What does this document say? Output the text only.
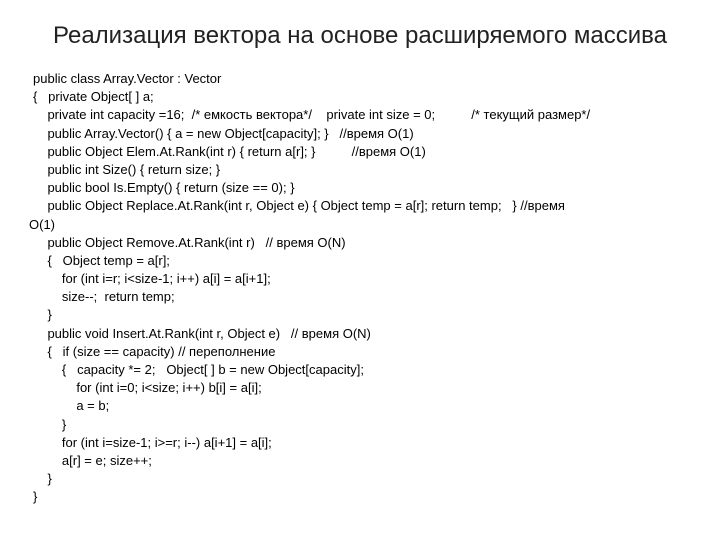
Реализация вектора на основе расширяемого массива
public class Array.Vector : Vector
{   private Object[ ] a;
private int capacity =16;  /* емкость вектора*/    private int size = 0;          /* текущий размер*/
public Array.Vector() { a = new Object[capacity]; }   //время O(1)
public Object Elem.At.Rank(int r) { return a[r]; }          //время O(1)
public int Size() { return size; }
public bool Is.Empty() { return (size == 0); }
public Object Replace.At.Rank(int r, Object e) { Object temp = a[r]; return temp;   } //время
O(1)
public Object Remove.At.Rank(int r)   // время O(N)
{   Object temp = a[r];
for (int i=r; i<size-1; i++) a[i] = a[i+1];
size--;  return temp;
}
public void Insert.At.Rank(int r, Object e)   // время O(N)
{   if (size == capacity) // переполнение
{   capacity *= 2;   Object[ ] b = new Object[capacity];
for (int i=0; i<size; i++) b[i] = a[i];
a = b;
}
for (int i=size-1; i>=r; i--) a[i+1] = a[i];
a[r] = e; size++;
}
}
